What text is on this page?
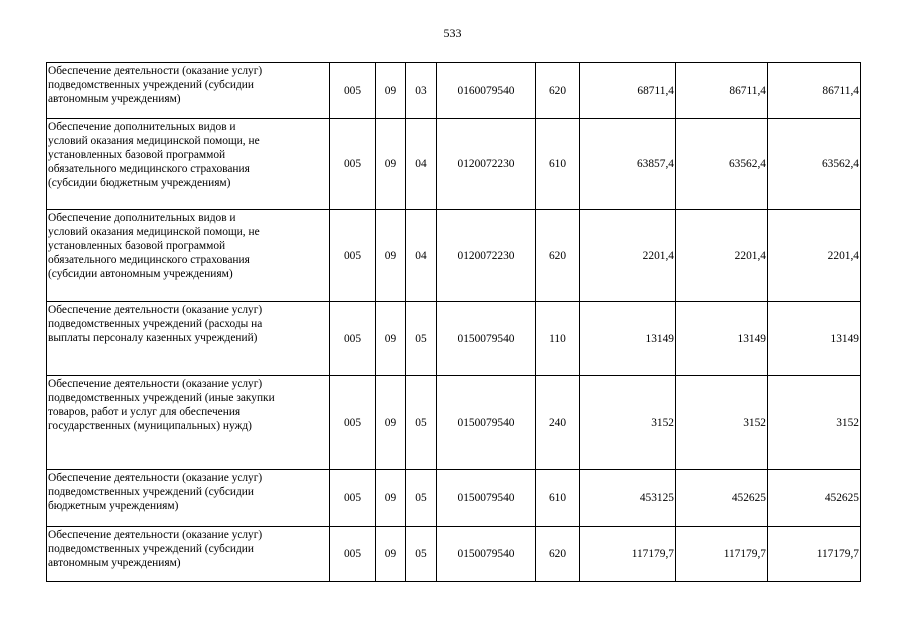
533
Обеспечение деятельности (оказание услуг)
подведомственных учреждений (субсидии
автономным учреждениям)	005	09	03	0160079540	620	68711,4	86711,4	86711,4
Обеспечение дополнительных видов и
условий оказания медицинской помощи, не
установленных базовой программой
обязательного медицинского страхования
(субсидии бюджетным учреждениям)	005	09	04	0120072230	610	63857,4	63562,4	63562,4
Обеспечение дополнительных видов и
условий оказания медицинской помощи, не
установленных базовой программой
обязательного медицинского страхования
(субсидии автономным учреждениям)	005	09	04	0120072230	620	2201,4	2201,4	2201,4
Обеспечение деятельности (оказание услуг)
подведомственных учреждений (расходы на
выплаты персоналу казенных учреждений)	005	09	05	0150079540	110	13149	13149	13149
Обеспечение деятельности (оказание услуг)
подведомственных учреждений (иные закупки
товаров, работ и услуг для обеспечения
государственных (муниципальных) нужд)	005	09	05	0150079540	240	3152	3152	3152
Обеспечение деятельности (оказание услуг)
подведомственных учреждений (субсидии
бюджетным учреждениям)	005	09	05	0150079540	610	453125	452625	452625
Обеспечение деятельности (оказание услуг)
подведомственных учреждений (субсидии
автономным учреждениям)	005	09	05	0150079540	620	117179,7	117179,7	117179,7
